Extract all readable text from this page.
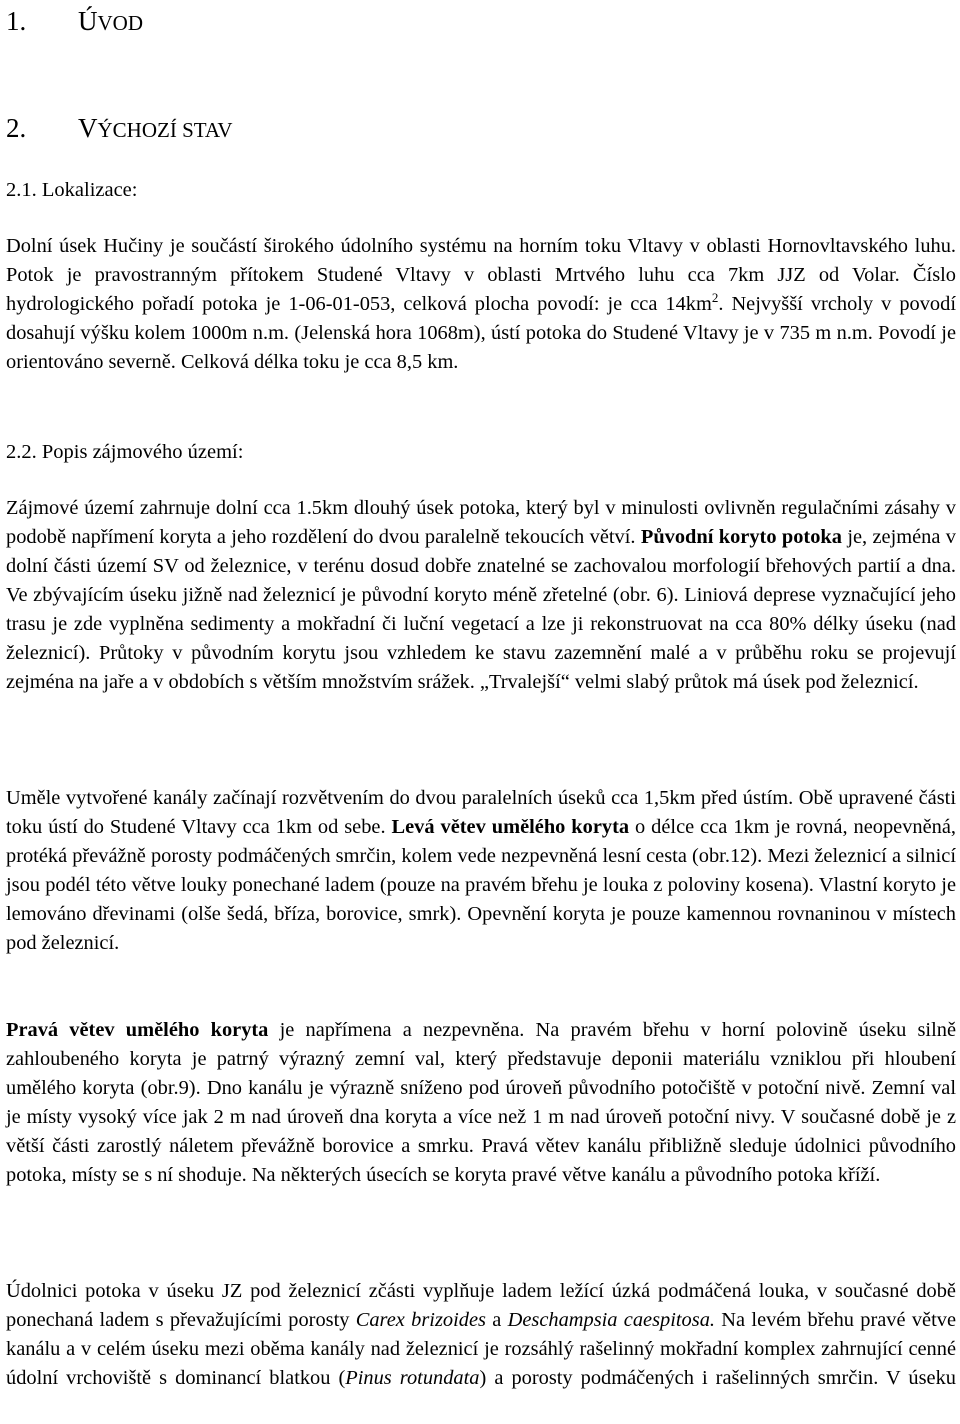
1. ÚVOD
2. VÝCHOZÍ STAV
2.1. Lokalizace:

Dolní úsek Hučiny je součástí širokého údolního systému na horním toku Vltavy v oblasti Hornovltavského luhu. Potok je pravostranným přítokem Studené Vltavy v oblasti Mrtvého luhu cca 7km JJZ od Volar. Číslo hydrologického pořadí potoka je 1-06-01-053, celková plocha povodí: je cca $14km^2$. Nejvyšší vrcholy v povodí dosahují výšku kolem 1000m n.m. (Jelenská hora 1068m), ústí potoka do Studené Vltavy je v 735 m n.m. Povodí je orientováno severně. Celková délka toku je cca 8,5 km.

2.2. Popis zájmového území:

Zájmové území zahrnuje dolní cca 1.5km dlouhý úsek potoka, který byl v minulosti ovlivněn regulačními zásahy v podobě napřímení koryta a jeho rozdělení do dvou paralelně tekoucích větví. Původní koryto potoka je, zejména v dolní části území SV od železnice, v terénu dosud dobře znatelné se zachovalou morfologií břehových partií a dna. Ve zbývajícím úseku jižně nad železnicí je původní koryto méně zřetelné (obr. 6). Liniová deprese vyznačující jeho trasu je zde vyplněna sedimenty a mokřadní či luční vegetací a lze ji rekonstruovat na cca 80% délky úseku (nad železnicí). Průtoky v původním korytu jsou vzhledem ke stavu zazemnění malé a v průběhu roku se projevují zejména na jaře a v obdobích s větším množstvím srážek. „Trvalejší“ velmi slabý průtok má úsek pod železnicí.

Uměle vytvořené kanály začínají rozvětvením do dvou paralelních úseků cca 1,5km před ústím. Obě upravené části toku ústí do Studené Vltavy cca 1km od sebe. Levá větev umělého koryta o délce cca 1km je rovná, neopevněná, protéká převážně porosty podmáčených smrčin, kolem vede nezpevněná lesní cesta (obr.12). Mezi železnicí a silnicí jsou podél této větve louky ponechané ladem (pouze na pravém břehu je louka z poloviny kosena). Vlastní koryto je lemováno dřevinami (olše šedá, bříza, borovice, smrk). Opevnění koryta je pouze kamennou rovnaninou v místech pod železnicí.

Pravá větev umělého koryta je napřímena a nezpevněna. Na pravém břehu v horní polovině úseku silně zahloubeného koryta je patrný výrazný zemní val, který představuje deponii materiálu vzniklou při hloubení umělého koryta (obr.9). Dno kanálu je výrazně sníženo pod úroveň původního potočiště v potoční nivě. Zemní val je místy vysoký více jak 2 m nad úroveň dna koryta a více než 1 m nad úroveň potoční nivy. V současné době je z větší části zarostlý náletem převážně borovice a smrku. Pravá větev kanálu přibližně sleduje údolnici původního potoka, místy se s ní shoduje. Na některých úsecích se koryta pravé větve kanálu a původního potoka kříží.

Údolnici potoka v úseku JZ pod železnicí zčásti vyplňuje ladem ležící úzká podmáčená louka, v současné době ponechaná ladem s převažujícími porosty Carex brizoides a Deschampsia caespitosa. Na levém břehu pravé větve kanálu a v celém úseku mezi oběma kanály nad železnicí je rozsáhlý rašelinný mokřadní komplex zahrnující cenné údolní vrchoviště s dominancí blatkou (Pinus rotundata) a porosty podmáčených i rašelinných smrčin. V úseku
